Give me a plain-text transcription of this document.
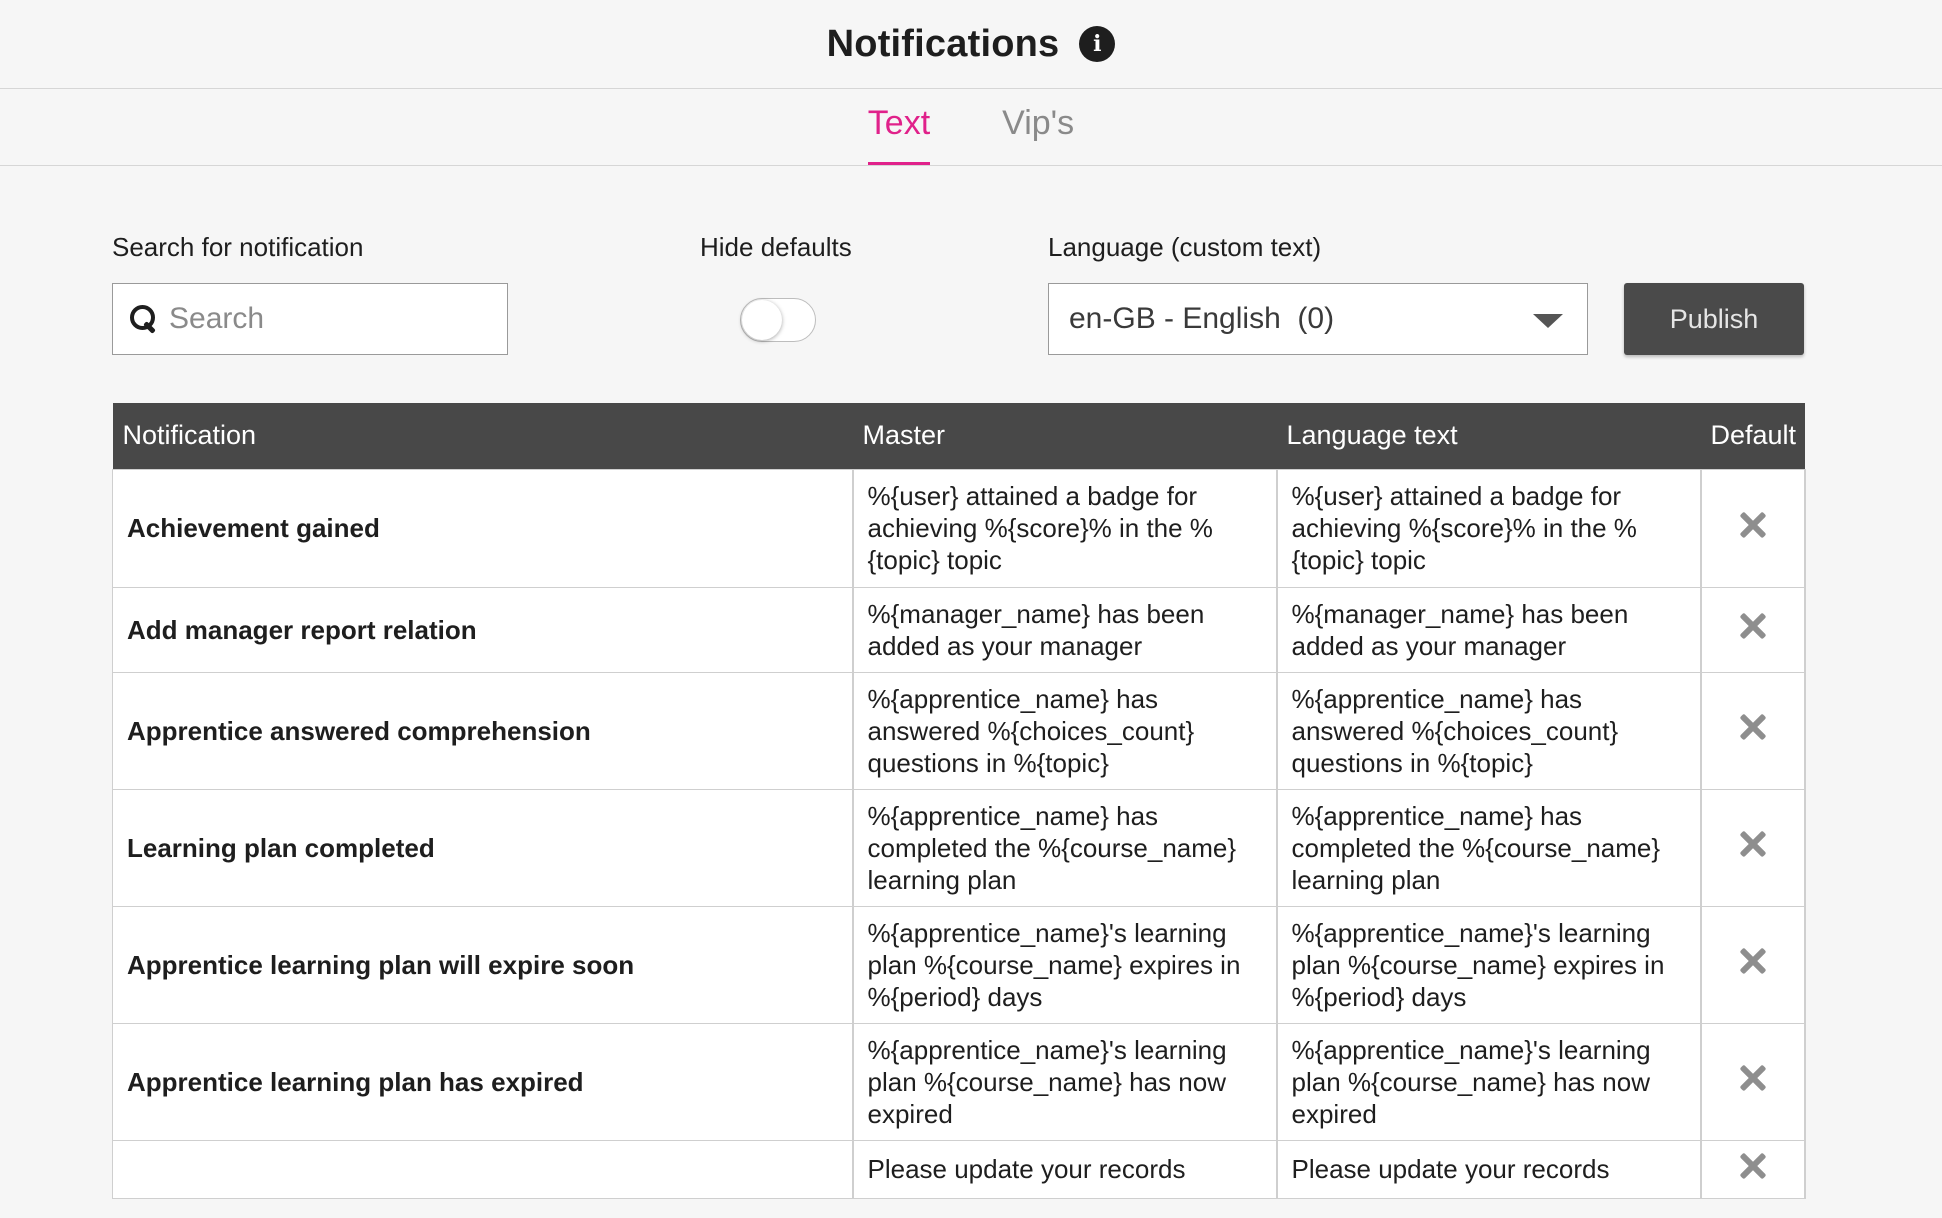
Notifications	i
Text Vip's
Search for notification
Search	Hide defaults	Language (custom text)
en-GB - English  (0)	Publish
Notification	Master	Language text	Default
Achievement gained	%{user} attained a badge for achieving %{score}% in the %{topic} topic	%{user} attained a badge for achieving %{score}% in the %{topic} topic	
Add manager report relation	%{manager_name} has been added as your manager	%{manager_name} has been added as your manager	
Apprentice answered comprehension	%{apprentice_name} has answered %{choices_count} questions in %{topic}	%{apprentice_name} has answered %{choices_count} questions in %{topic}	
Learning plan completed	%{apprentice_name} has completed the %{course_name} learning plan	%{apprentice_name} has completed the %{course_name} learning plan	
Apprentice learning plan will expire soon	%{apprentice_name}'s learning plan %{course_name} expires in %{period} days	%{apprentice_name}'s learning plan %{course_name} expires in %{period} days	
Apprentice learning plan has expired	%{apprentice_name}'s learning plan %{course_name} has now expired	%{apprentice_name}'s learning plan %{course_name} has now expired	
	Please update your records	Please update your records	
